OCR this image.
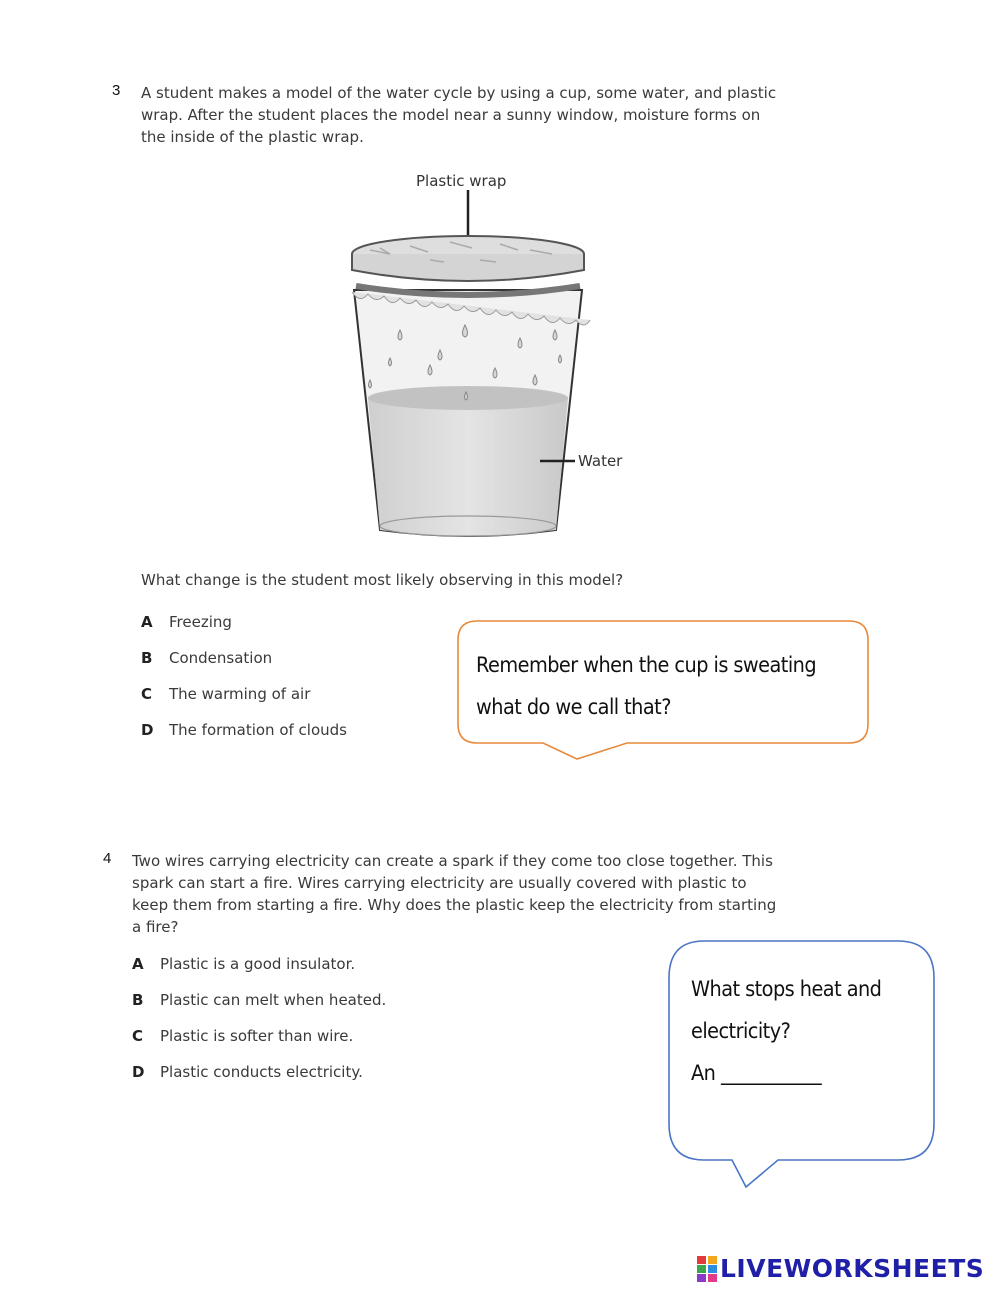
3 A student makes a model of the water cycle by using a cup, some water, and plastic
wrap. After the student places the model near a sunny window, moisture forms on
the inside of the plastic wrap.
Plastic wrap
Water
What change is the student most likely observing in this model?
A Freezing
B Condensation
C The warming of air
D The formation of clouds
Remember when the cup is sweating
what do we call that?
4 Two wires carrying electricity can create a spark if they come too close together. This
spark can start a fire. Wires carrying electricity are usually covered with plastic to
keep them from starting a fire. Why does the plastic keep the electricity from starting
a fire?
A Plastic is a good insulator.
B Plastic can melt when heated.
C Plastic is softer than wire.
D Plastic conducts electricity.
What stops heat and
electricity?
An ___________
LIVEWORKSHEETS
